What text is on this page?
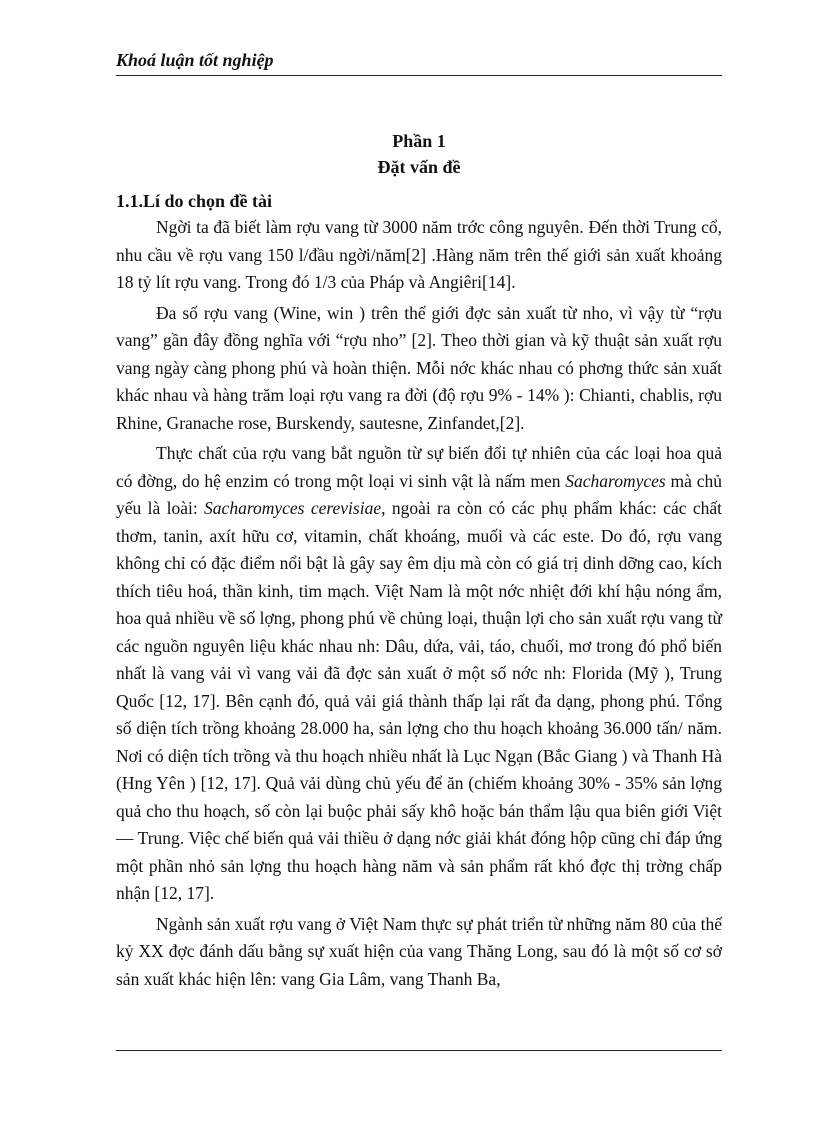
Khoá luận tốt nghiệp

Phần 1

Đặt vấn đề

1.1.Lí do chọn đề tài

Ngời ta đã biết làm rợu vang từ 3000 năm trớc công nguyên. Đến thời Trung cổ, nhu cầu về rợu vang 150 l/đầu ngời/năm[2] .Hàng năm trên thế giới sản xuất khoảng 18 tỷ lít rợu vang. Trong đó 1/3 của Pháp và Angiêri[14].

Đa số rợu vang (Wine, win ) trên thế giới đợc sản xuất từ nho, vì vậy từ “rợu vang” gần đây đồng nghĩa với “rợu nho” [2]. Theo thời gian và kỹ thuật sản xuất rợu vang ngày càng phong phú và hoàn thiện. Mỗi nớc khác nhau có phơng thức sản xuất khác nhau và hàng trăm loại rợu vang ra đời (độ rợu 9% - 14% ): Chianti, chablis, rợu Rhine, Granache rose, Burskendy, sautesne, Zinfandet,[2].

Thực chất của rợu vang bắt nguồn từ sự biến đổi tự nhiên của các loại hoa quả có đờng, do hệ enzim có trong một loại vi sinh vật là nấm men Sacharomyces mà chủ yếu là loài: Sacharomyces cerevisiae, ngoài ra còn có các phụ phẩm khác: các chất thơm, tanin, axít hữu cơ, vitamin, chất khoáng, muối và các este. Do đó, rợu vang không chỉ có đặc điểm nổi bật là gây say êm dịu mà còn có giá trị dinh dỡng cao, kích thích tiêu hoá, thần kinh, tim mạch. Việt Nam là một nớc nhiệt đới khí hậu nóng ẩm, hoa quả nhiều về số lợng, phong phú về chủng loại, thuận lợi cho sản xuất rợu vang từ các nguồn nguyên liệu khác nhau nh: Dâu, dứa, vải, táo, chuối, mơ trong đó phổ biến nhất là vang vải vì vang vải đã đợc sản xuất ở một số nớc nh: Florida (Mỹ ), Trung Quốc [12, 17]. Bên cạnh đó, quả vải giá thành thấp lại rất đa dạng, phong phú. Tổng số diện tích trồng khoảng 28.000 ha, sản lợng cho thu hoạch khoảng 36.000 tấn/ năm. Nơi có diện tích trồng và thu hoạch nhiều nhất là Lục Ngạn (Bắc Giang ) và Thanh Hà (Hng Yên ) [12, 17]. Quả vải dùng chủ yếu để ăn (chiếm khoảng 30% - 35% sản lợng quả cho thu hoạch, số còn lại buộc phải sấy khô hoặc bán thẩm lậu qua biên giới Việt — Trung. Việc chế biến quả vải thiều ở dạng nớc giải khát đóng hộp cũng chỉ đáp ứng một phần nhỏ sản lợng thu hoạch hàng năm và sản phẩm rất khó đợc thị trờng chấp nhận [12, 17].

Ngành sản xuất rợu vang ở Việt Nam thực sự phát triển từ những năm 80 của thế kỷ XX đợc đánh dấu bằng sự xuất hiện của vang Thăng Long, sau đó là một số cơ sở sản xuất khác hiện lên: vang Gia Lâm, vang Thanh Ba,
